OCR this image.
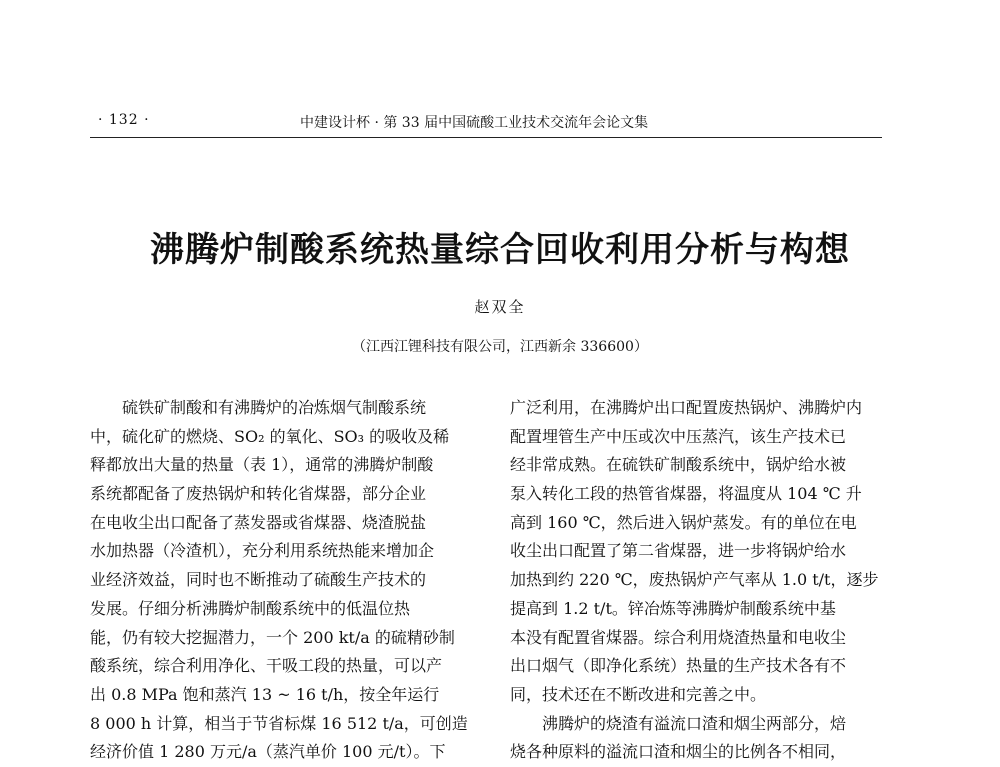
· 132 ·	中建设计杯 · 第 33 届中国硫酸工业技术交流年会论文集
沸腾炉制酸系统热量综合回收利用分析与构想
赵双全
（江西江锂科技有限公司，江西新余 336600）
硫铁矿制酸和有沸腾炉的冶炼烟气制酸系统
中，硫化矿的燃烧、SO₂ 的氧化、SO₃ 的吸收及稀
释都放出大量的热量（表 1），通常的沸腾炉制酸
系统都配备了废热锅炉和转化省煤器，部分企业
在电收尘出口配备了蒸发器或省煤器、烧渣脱盐
水加热器（冷渣机），充分利用系统热能来增加企
业经济效益，同时也不断推动了硫酸生产技术的
发展。仔细分析沸腾炉制酸系统中的低温位热
能，仍有较大挖掘潜力，一个 200 kt/a 的硫精砂制
酸系统，综合利用净化、干吸工段的热量，可以产
出 0.8 MPa 饱和蒸汽 13 ~ 16 t/h，按全年运行
8 000 h 计算，相当于节省标煤 16 512 t/a，可创造
经济价值 1 280 万元/a（蒸汽单价 100 元/t）。下
广泛利用，在沸腾炉出口配置废热锅炉、沸腾炉内
配置埋管生产中压或次中压蒸汽，该生产技术已
经非常成熟。在硫铁矿制酸系统中，锅炉给水被
泵入转化工段的热管省煤器，将温度从 104 ℃ 升
高到 160 ℃，然后进入锅炉蒸发。有的单位在电
收尘出口配置了第二省煤器，进一步将锅炉给水
加热到约 220 ℃，废热锅炉产气率从 1.0 t/t，逐步
提高到 1.2 t/t。锌冶炼等沸腾炉制酸系统中基
本没有配置省煤器。综合利用烧渣热量和电收尘
出口烟气（即净化系统）热量的生产技术各有不
同，技术还在不断改进和完善之中。
沸腾炉的烧渣有溢流口渣和烟尘两部分，焙
烧各种原料的溢流口渣和烟尘的比例各不相同，
